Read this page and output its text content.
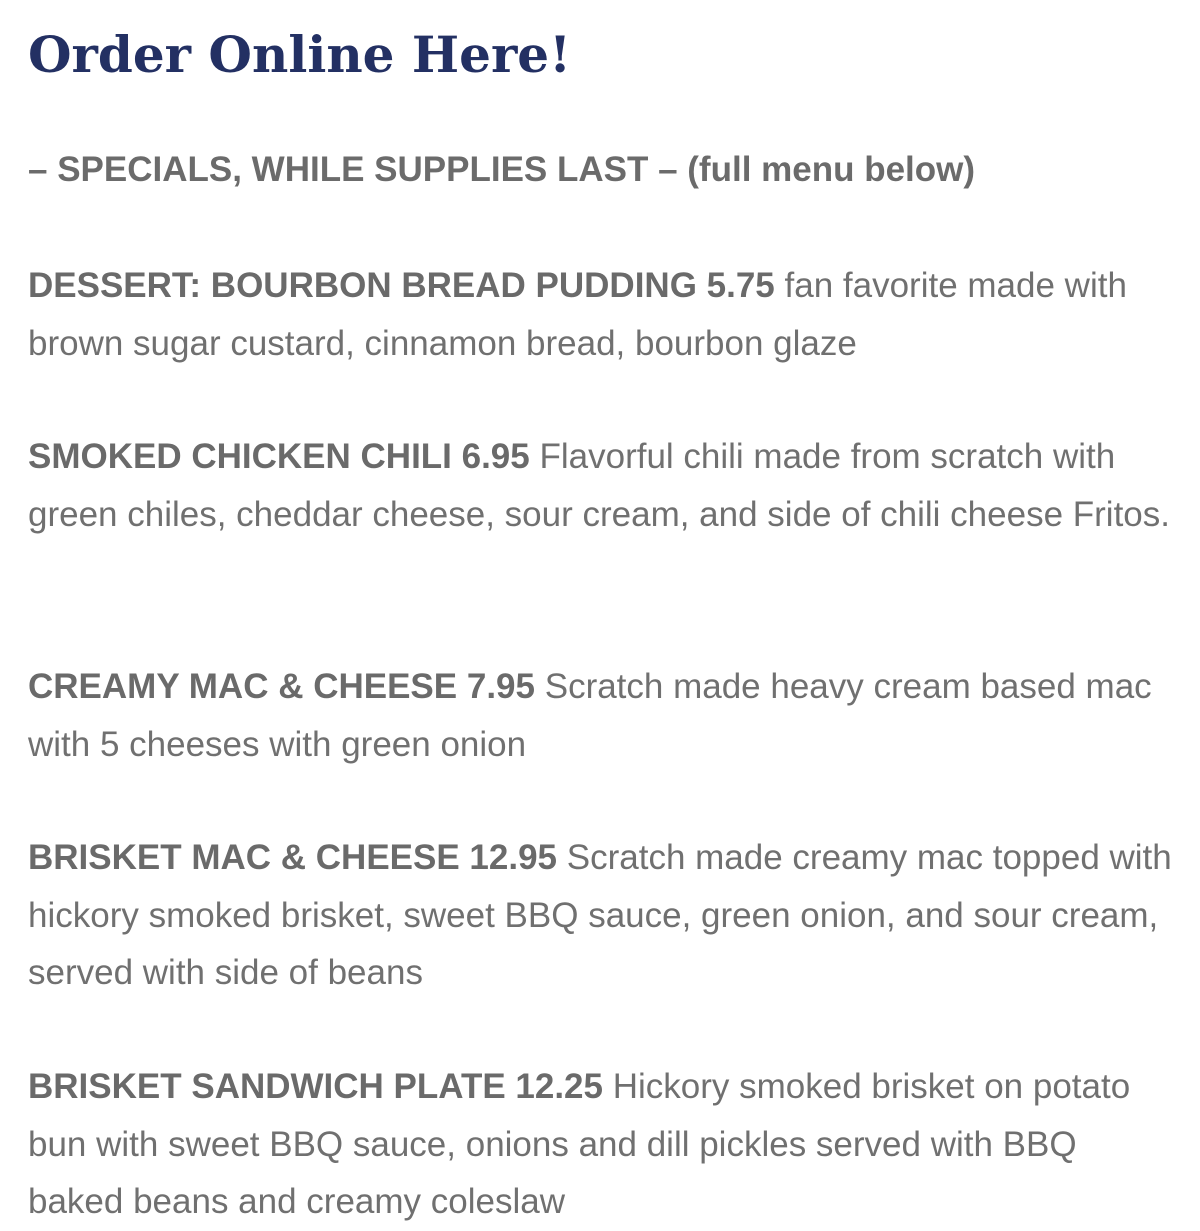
Order Online Here!

– SPECIALS, WHILE SUPPLIES LAST – (full menu below)

DESSERT: BOURBON BREAD PUDDING 5.75 fan favorite made with brown sugar custard, cinnamon bread, bourbon glaze

SMOKED CHICKEN CHILI 6.95 Flavorful chili made from scratch with green chiles, cheddar cheese, sour cream, and side of chili cheese Fritos.

CREAMY MAC & CHEESE 7.95 Scratch made heavy cream based mac with 5 cheeses with green onion

BRISKET MAC & CHEESE 12.95 Scratch made creamy mac topped with hickory smoked brisket, sweet BBQ sauce, green onion, and sour cream, served with side of beans

BRISKET SANDWICH PLATE 12.25 Hickory smoked brisket on potato bun with sweet BBQ sauce, onions and dill pickles served with BBQ baked beans and creamy coleslaw
